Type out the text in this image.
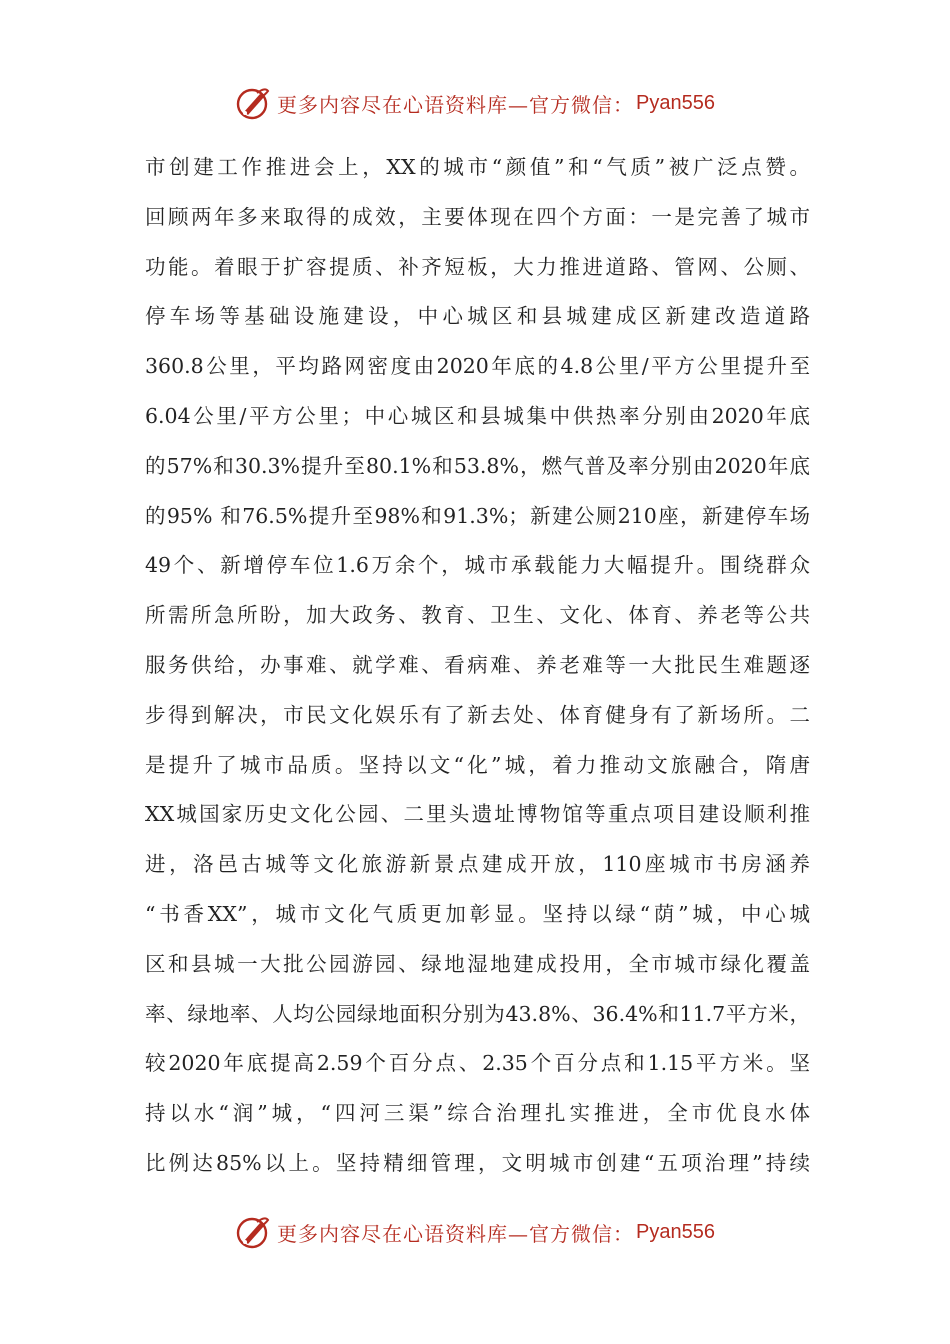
更多内容尽在心语资料库—官方微信： Pyan556
市创建工作推进会上，XX的城市“颜值”和“气质”被广泛点赞。
回顾两年多来取得的成效，主要体现在四个方面：一是完善了城市
功能。着眼于扩容提质、补齐短板，大力推进道路、管网、公厕、
停车场等基础设施建设，中心城区和县城建成区新建改造道路
360.8公里，平均路网密度由2020年底的4.8公里/平方公里提升至
6.04公里/平方公里；中心城区和县城集中供热率分别由2020年底
的57%和30.3%提升至80.1%和53.8%，燃气普及率分别由2020年底
的95% 和76.5%提升至98%和91.3%；新建公厕210座，新建停车场
49个、新增停车位1.6万余个，城市承载能力大幅提升。围绕群众
所需所急所盼，加大政务、教育、卫生、文化、体育、养老等公共
服务供给，办事难、就学难、看病难、养老难等一大批民生难题逐
步得到解决，市民文化娱乐有了新去处、体育健身有了新场所。二
是提升了城市品质。坚持以文“化”城，着力推动文旅融合，隋唐
XX城国家历史文化公园、二里头遗址博物馆等重点项目建设顺利推
进，洛邑古城等文化旅游新景点建成开放，110座城市书房涵养
“书香XX”，城市文化气质更加彰显。坚持以绿“荫”城，中心城
区和县城一大批公园游园、绿地湿地建成投用，全市城市绿化覆盖
率、绿地率、人均公园绿地面积分别为43.8%、36.4%和11.7平方米，
较2020年底提高2.59个百分点、2.35个百分点和1.15平方米。坚
持以水“润”城，“四河三渠”综合治理扎实推进，全市优良水体
比例达85%以上。坚持精细管理，文明城市创建“五项治理”持续
更多内容尽在心语资料库—官方微信： Pyan556
